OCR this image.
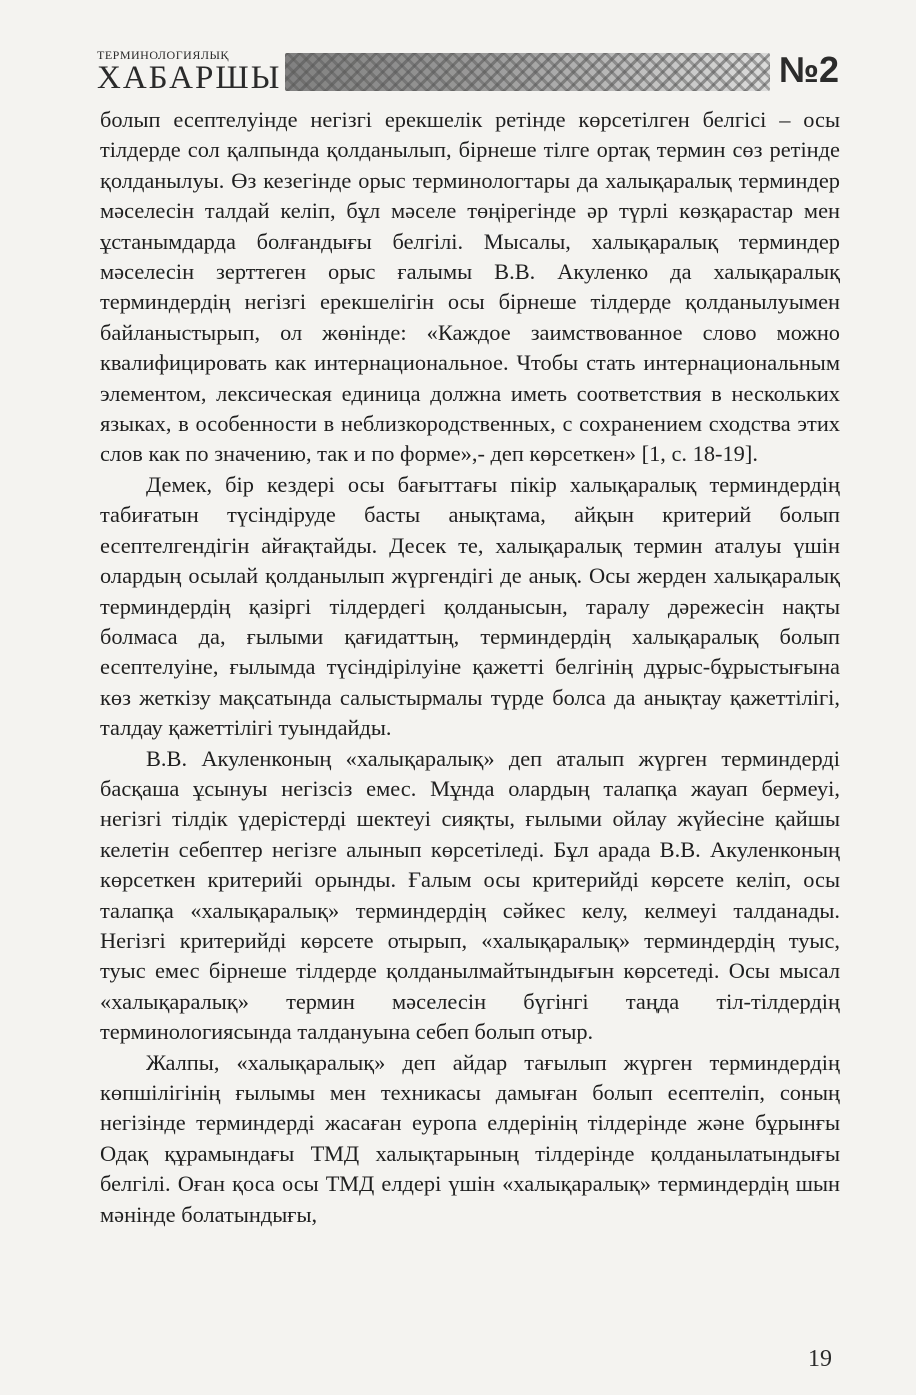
ТЕРМИНОЛОГИЯЛЫҚ
ХАБАРШЫ	№2

болып есептелуінде негізгі ерекшелік ретінде көрсетілген белгісі – осы тілдерде сол қалпында қолданылып, бірнеше тілге ортақ термин сөз ретінде қолданылуы. Өз кезегінде орыс терминологтары да халықаралық терминдер мәселесін талдай келіп, бұл мәселе төңірегінде әр түрлі көзқарастар мен ұстанымдарда болғандығы белгілі. Мысалы, халықаралық терминдер мәселесін зерттеген орыс ғалымы В.В. Акуленко да халықаралық терминдердің негізгі ерекшелігін осы бірнеше тілдерде қолданылуымен байланыстырып, ол жөнінде: «Каждое заимствованное слово можно квалифицировать как интернациональное. Чтобы стать интернациональным элементом, лексическая единица должна иметь соответствия в нескольких языках, в особенности в неблизкородственных, с сохранением сходства этих слов как по значению, так и по форме»,- деп көрсеткен» [1, с. 18-19].

Демек, бір кездері осы бағыттағы пікір халықаралық терминдердің табиғатын түсіндіруде басты анықтама, айқын критерий болып есептелгендігін айғақтайды. Десек те, халықаралық термин аталуы үшін олардың осылай қолданылып жүргендігі де анық. Осы жерден халықаралық терминдердің қазіргі тілдердегі қолданысын, таралу дәрежесін нақты болмаса да, ғылыми қағидаттың, терминдердің халықаралық болып есептелуіне, ғылымда түсіндірілуіне қажетті белгінің дұрыс-бұрыстығына көз жеткізу мақсатында салыстырмалы түрде болса да анықтау қажеттілігі, талдау қажеттілігі туындайды.

В.В. Акуленконың «халықаралық» деп аталып жүрген терминдерді басқаша ұсынуы негізсіз емес. Мұнда олардың талапқа жауап бермеуі, негізгі тілдік үдерістерді шектеуі сияқты, ғылыми ойлау жүйесіне қайшы келетін себептер негізге алынып көрсетіледі. Бұл арада В.В. Акуленконың көрсеткен критерийі орынды. Ғалым осы критерийді көрсете келіп, осы талапқа «халықаралық» терминдердің сәйкес келу, келмеуі талданады. Негізгі критерийді көрсете отырып, «халықаралық» терминдердің туыс, туыс емес бірнеше тілдерде қолданылмайтындығын көрсетеді. Осы мысал «халықаралық» термин мәселесін бүгінгі таңда тіл-тілдердің терминологиясында талдануына себеп болып отыр.

Жалпы, «халықаралық» деп айдар тағылып жүрген терминдердің көпшілігінің ғылымы мен техникасы дамыған болып есептеліп, соның негізінде терминдерді жасаған еуропа елдерінің тілдерінде және бұрынғы Одақ құрамындағы ТМД халықтарының тілдерінде қолданылатындығы белгілі. Оған қоса осы ТМД елдері үшін «халықаралық» терминдердің шын мәнінде болатындығы,

19
